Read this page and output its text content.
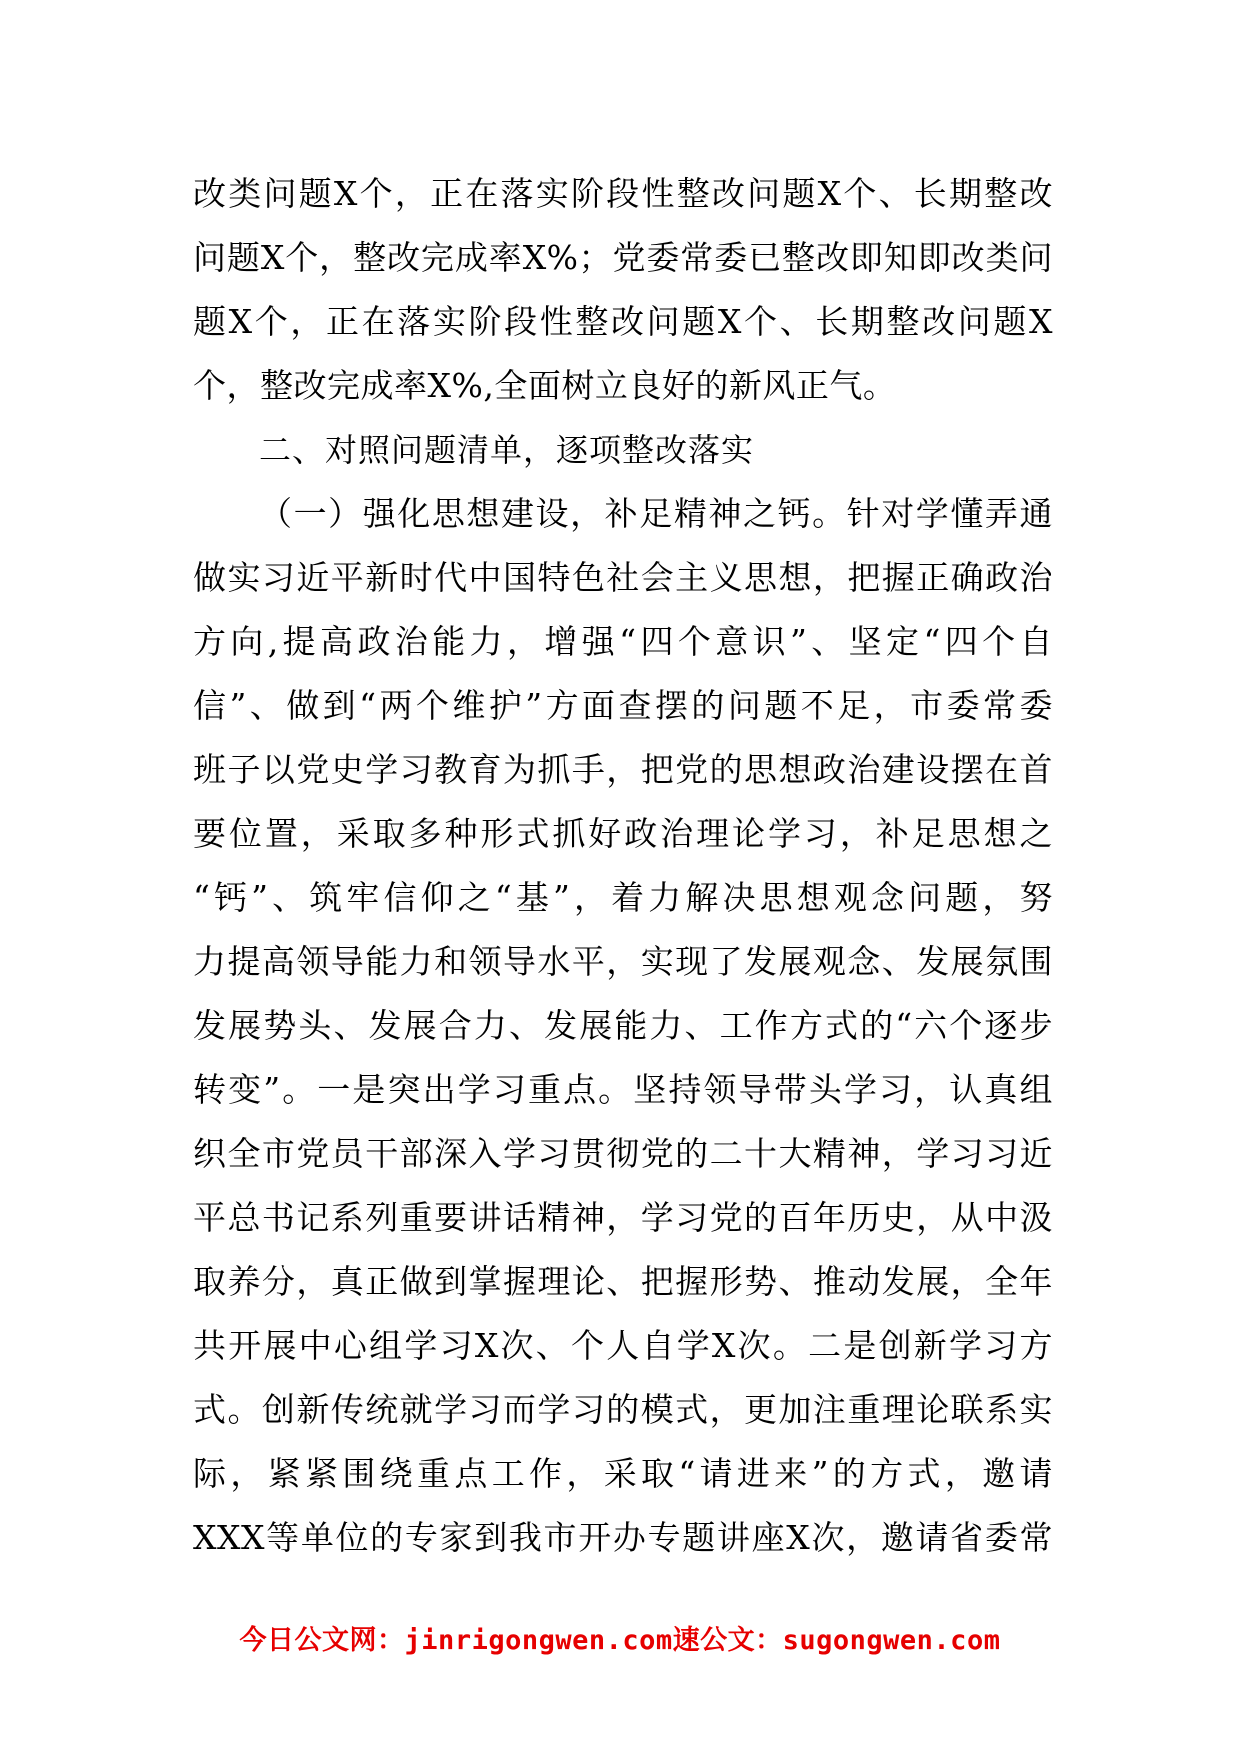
改类问题X个，正在落实阶段性整改问题X个、长期整改
问题X个，整改完成率X%；党委常委已整改即知即改类问
题X个，正在落实阶段性整改问题X个、长期整改问题X
个，整改完成率X%,全面树立良好的新风正气。
二、对照问题清单，逐项整改落实
（一）强化思想建设，补足精神之钙。针对学懂弄通
做实习近平新时代中国特色社会主义思想，把握正确政治
方向,提高政治能力，增强“四个意识”、坚定“四个自
信”、做到“两个维护”方面查摆的问题不足，市委常委
班子以党史学习教育为抓手，把党的思想政治建设摆在首
要位置，采取多种形式抓好政治理论学习，补足思想之
“钙”、筑牢信仰之“基”，着力解决思想观念问题，努
力提高领导能力和领导水平，实现了发展观念、发展氛围
发展势头、发展合力、发展能力、工作方式的“六个逐步
转变”。一是突出学习重点。坚持领导带头学习，认真组
织全市党员干部深入学习贯彻党的二十大精神，学习习近
平总书记系列重要讲话精神，学习党的百年历史，从中汲
取养分，真正做到掌握理论、把握形势、推动发展，全年
共开展中心组学习X次、个人自学X次。二是创新学习方
式。创新传统就学习而学习的模式，更加注重理论联系实
际，紧紧围绕重点工作，采取“请进来”的方式，邀请
XXX等单位的专家到我市开办专题讲座X次，邀请省委常
今日公文网：jinrigongwen.com速公文：sugongwen.com
